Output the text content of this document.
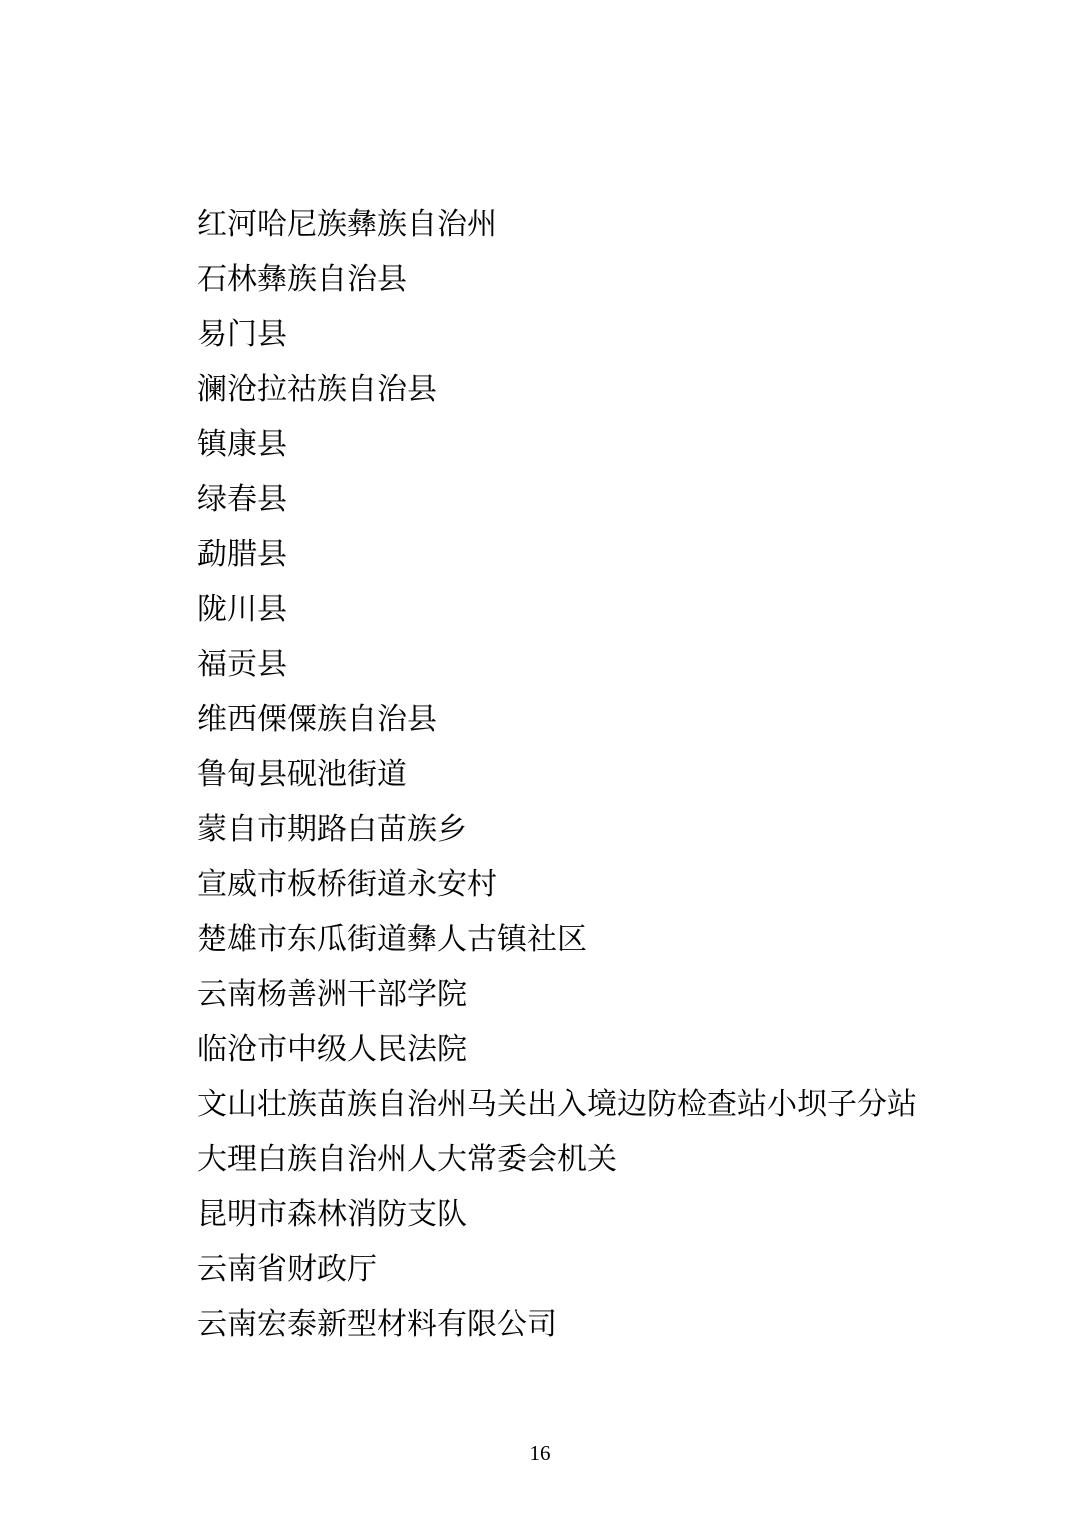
红河哈尼族彝族自治州

石林彝族自治县

易门县

澜沧拉祜族自治县

镇康县

绿春县

勐腊县

陇川县

福贡县

维西傈僳族自治县

鲁甸县砚池街道

蒙自市期路白苗族乡

宣威市板桥街道永安村

楚雄市东瓜街道彝人古镇社区

云南杨善洲干部学院

临沧市中级人民法院

文山壮族苗族自治州马关出入境边防检查站小坝子分站

大理白族自治州人大常委会机关

昆明市森林消防支队

云南省财政厅

云南宏泰新型材料有限公司

16
